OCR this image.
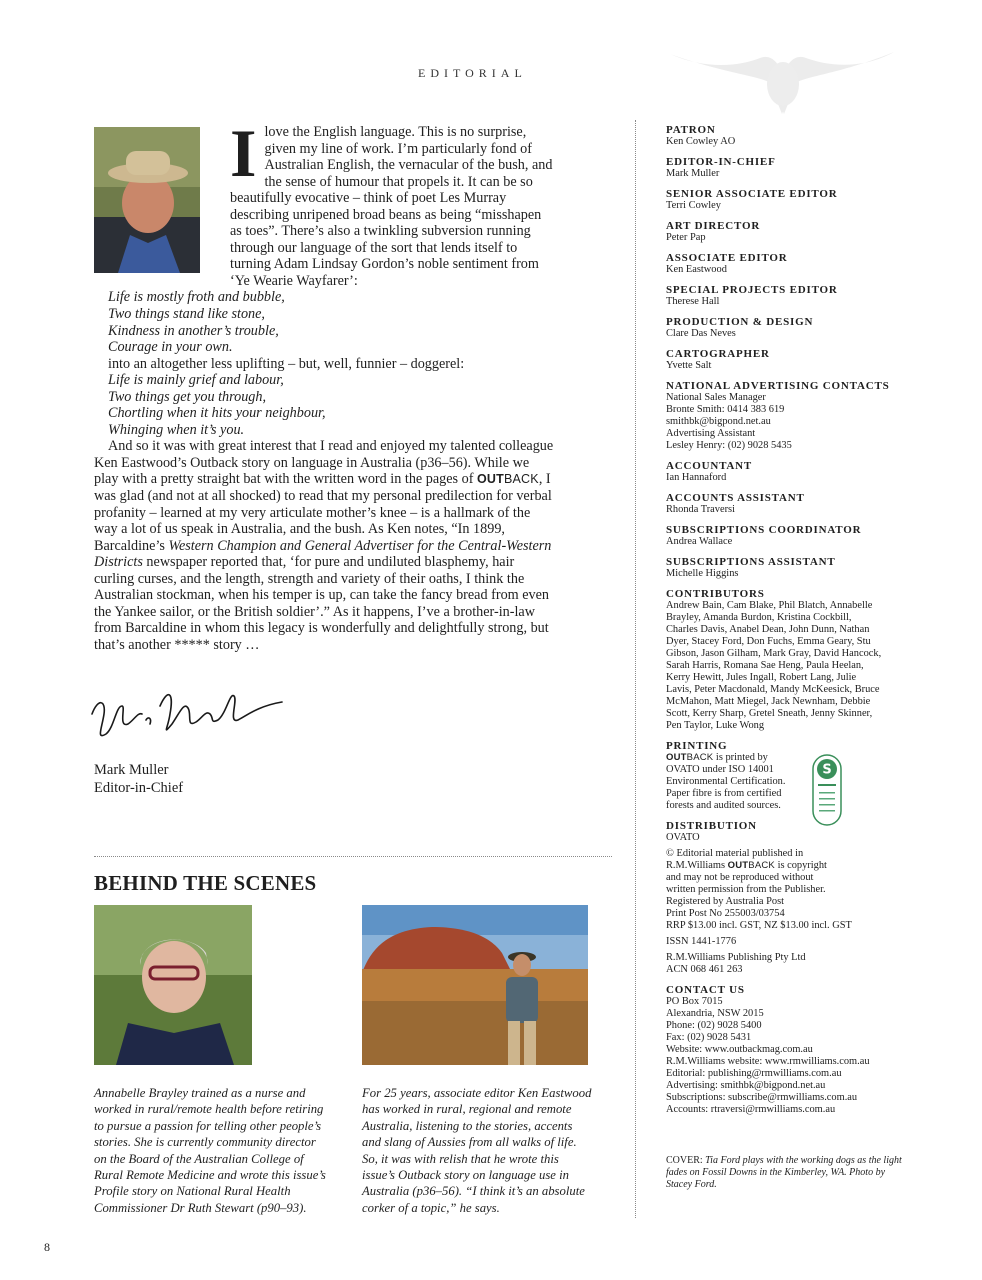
EDITORIAL
I love the English language. This is no surprise, given my line of work. I’m particularly fond of Australian English, the vernacular of the bush, and the sense of humour that propels it. It can be so beautifully evocative – think of poet Les Murray describing unripened broad beans as being “misshapen as toes”. There’s also a twinkling subversion running through our language of the sort that lends itself to turning Adam Lindsay Gordon’s noble sentiment from ‘Ye Wearie Wayfarer’:

Life is mostly froth and bubble,
Two things stand like stone,
Kindness in another’s trouble,
Courage in your own.
into an altogether less uplifting – but, well, funnier – doggerel:
Life is mainly grief and labour,
Two things get you through,
Chortling when it hits your neighbour,
Whinging when it’s you.

And so it was with great interest that I read and enjoyed my talented colleague Ken Eastwood’s Outback story on language in Australia (p36–56). While we play with a pretty straight bat with the written word in the pages of OUTBACK, I was glad (and not at all shocked) to read that my personal predilection for verbal profanity – learned at my very articulate mother’s knee – is a hallmark of the way a lot of us speak in Australia, and the bush. As Ken notes, “In 1899, Barcaldine’s Western Champion and General Advertiser for the Central-Western Districts newspaper reported that, ‘for pure and undiluted blasphemy, hair curling curses, and the length, strength and variety of their oaths, I think the Australian stockman, when his temper is up, can take the fancy bread from even the Yankee sailor, or the British soldier’.” As it happens, I’ve a brother-in-law from Barcaldine in whom this legacy is wonderfully and delightfully strong, but that’s another ***** story …

Mark Muller
Editor-in-Chief
BEHIND THE SCENES
Annabelle Brayley trained as a nurse and worked in rural/remote health before retiring to pursue a passion for telling other people’s stories. She is currently community director on the Board of the Australian College of Rural Remote Medicine and wrote this issue’s Profile story on National Rural Health Commissioner Dr Ruth Stewart (p90–93).
For 25 years, associate editor Ken Eastwood has worked in rural, regional and remote Australia, listening to the stories, accents and slang of Aussies from all walks of life. So, it was with relish that he wrote this issue’s Outback story on language use in Australia (p36–56). “I think it’s an absolute corker of a topic,” he says.
PATRON
Ken Cowley AO
EDITOR-IN-CHIEF
Mark Muller
SENIOR ASSOCIATE EDITOR
Terri Cowley
ART DIRECTOR
Peter Pap
ASSOCIATE EDITOR
Ken Eastwood
SPECIAL PROJECTS EDITOR
Therese Hall
PRODUCTION & DESIGN
Clare Das Neves
CARTOGRAPHER
Yvette Salt
NATIONAL ADVERTISING CONTACTS
National Sales Manager
Bronte Smith: 0414 383 619
smithbk@bigpond.net.au
Advertising Assistant
Lesley Henry: (02) 9028 5435
ACCOUNTANT
Ian Hannaford
ACCOUNTS ASSISTANT
Rhonda Traversi
SUBSCRIPTIONS COORDINATOR
Andrea Wallace
SUBSCRIPTIONS ASSISTANT
Michelle Higgins
CONTRIBUTORS
Andrew Bain, Cam Blake, Phil Blatch, Annabelle
Brayley, Amanda Burdon, Kristina Cockbill,
Charles Davis, Anabel Dean, John Dunn, Nathan
Dyer, Stacey Ford, Don Fuchs, Emma Geary, Stu
Gibson, Jason Gilham, Mark Gray, David Hancock,
Sarah Harris, Romana Sae Heng, Paula Heelan,
Kerry Hewitt, Jules Ingall, Robert Lang, Julie
Lavis, Peter Macdonald, Mandy McKeesick, Bruce
McMahon, Matt Miegel, Jack Newnham, Debbie
Scott, Kerry Sharp, Gretel Sneath, Jenny Skinner,
Pen Taylor, Luke Wong
PRINTING
OUTBACK is printed by
OVATO under ISO 14001
Environmental Certification.
Paper fibre is from certified
forests and audited sources.
DISTRIBUTION
OVATO
© Editorial material published in
R.M.Williams OUTBACK is copyright
and may not be reproduced without
written permission from the Publisher.
Registered by Australia Post
Print Post No 255003/03754
RRP $13.00 incl. GST, NZ $13.00 incl. GST
ISSN 1441-1776
R.M.Williams Publishing Pty Ltd
ACN 068 461 263
CONTACT US
PO Box 7015
Alexandria, NSW 2015
Phone: (02) 9028 5400
Fax: (02) 9028 5431
Website: www.outbackmag.com.au
R.M.Williams website: www.rmwilliams.com.au
Editorial: publishing@rmwilliams.com.au
Advertising: smithbk@bigpond.net.au
Subscriptions: subscribe@rmwilliams.com.au
Accounts: rtraversi@rmwilliams.com.au
S
COVER: Tia Ford plays with the working dogs as the light fades on Fossil Downs in the Kimberley, WA. Photo by Stacey Ford.
8
